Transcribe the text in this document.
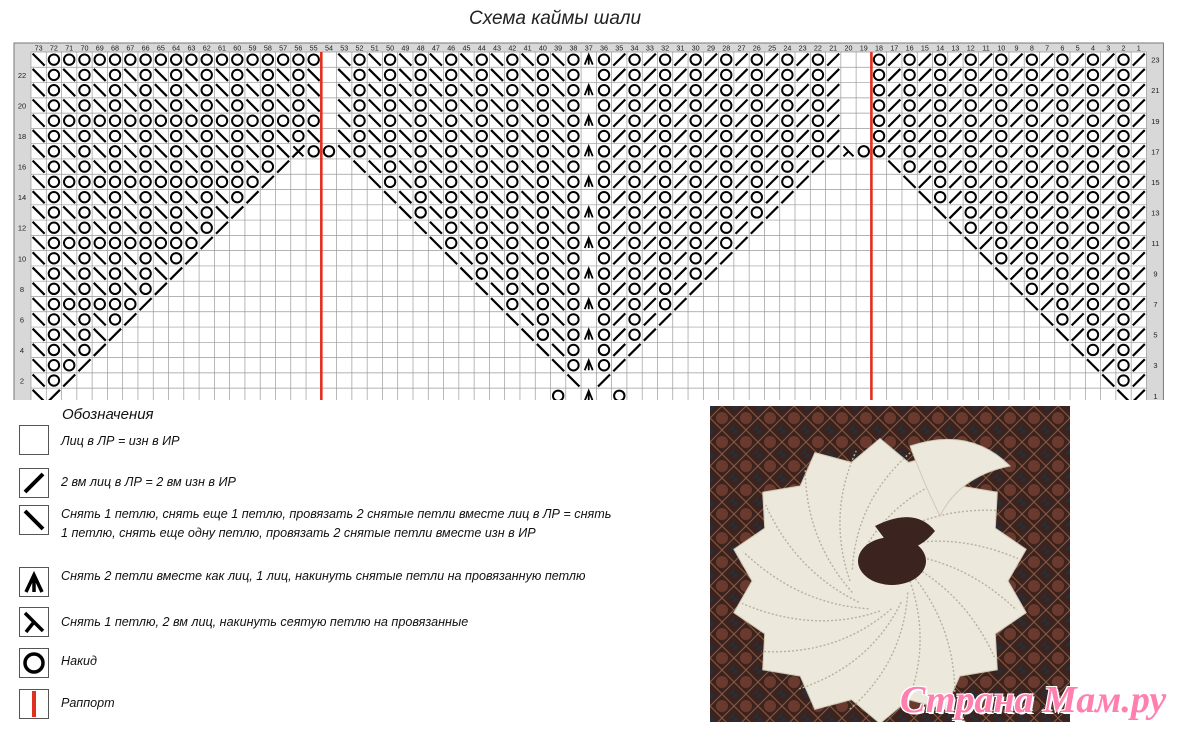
Схема каймы шали
73 72 71 70 69 68 67 66 65 64 63 62 61 60 59 58 57 56 55 54 53 52 51 50 49 48 47 46 45 44 43 42 41 40 39 38 37 36 35 34 33 32 31 30 29 28 27 26 25 24 23 22 21 20 19 18 17 16 15 14 13 12 11 10 9 8 7 6 5 4 3 2 1
1
2
3
4
5
6
7
8
9
10
11
12
13
14
15
16
17
18
19
20
21
22
23
Обозначения
Лиц в ЛР = изн в ИР
2 вм лиц в ЛР = 2 вм изн в ИР
Снять 1 петлю, снять еще 1 петлю, провязать 2 снятые петли вместе лиц в ЛР = снять 1 петлю, снять еще одну петлю, провязать 2 снятые петли вместе изн в ИР
Снять 2 петли вместе как лиц, 1 лиц, накинуть снятые петли на провязанную петлю
Снять 1 петлю, 2 вм лиц, накинуть сеятую петлю на провязанные
Накид
Раппорт	Страна Мам.ру
